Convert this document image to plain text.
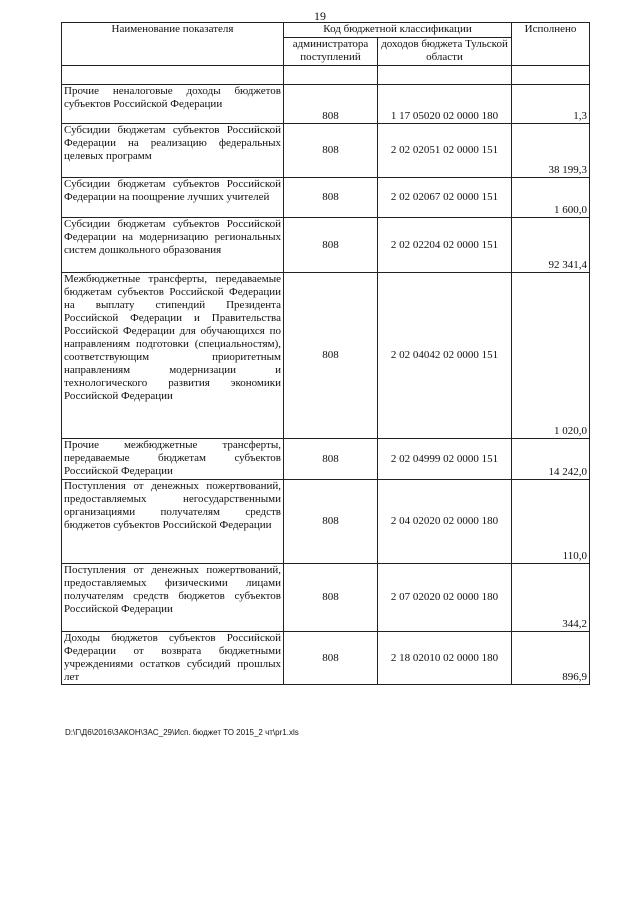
19
Наименование показателя	Код бюджетной классификации		Исполнено
	администратора поступлений	доходов бюджета Тульской области	

Прочие неналоговые доходы бюджетов субъектов Российской Федерации	808	1 17 05020 02 0000 180	1,3
Субсидии бюджетам субъектов Российской Федерации на реализацию федеральных целевых программ	808	2 02 02051 02 0000 151	38 199,3
Субсидии бюджетам субъектов Российской Федерации на поощрение лучших учителей	808	2 02 02067 02 0000 151	1 600,0
Субсидии бюджетам субъектов Российской Федерации на модернизацию региональных систем дошкольного образования	808	2 02 02204 02 0000 151	92 341,4
Межбюджетные трансферты, передаваемые бюджетам субъектов Российской Федерации на выплату стипендий Президента Российской Федерации и Правительства Российской Федерации для обучающихся по направлениям подготовки (специальностям), соответствующим приоритетным направлениям модернизации и технологического развития экономики Российской Федерации	808	2 02 04042 02 0000 151	1 020,0
Прочие межбюджетные трансферты, передаваемые бюджетам субъектов Российской Федерации	808	2 02 04999 02 0000 151	14 242,0
Поступления от денежных пожертвований, предоставляемых негосударственными организациями получателям средств бюджетов субъектов Российской Федерации	808	2 04 02020 02 0000 180	110,0
Поступления от денежных пожертвований, предоставляемых физическими лицами получателям средств бюджетов субъектов Российской Федерации	808	2 07 02020 02 0000 180	344,2
Доходы бюджетов субъектов Российской Федерации от возврата бюджетными учреждениями остатков субсидий прошлых лет	808	2 18 02010 02 0000 180	896,9
D:\Г\Д6\2016\ЗАКОН\ЗАС_29\Исп. бюджет ТО 2015_2 чт\pr1.xls
